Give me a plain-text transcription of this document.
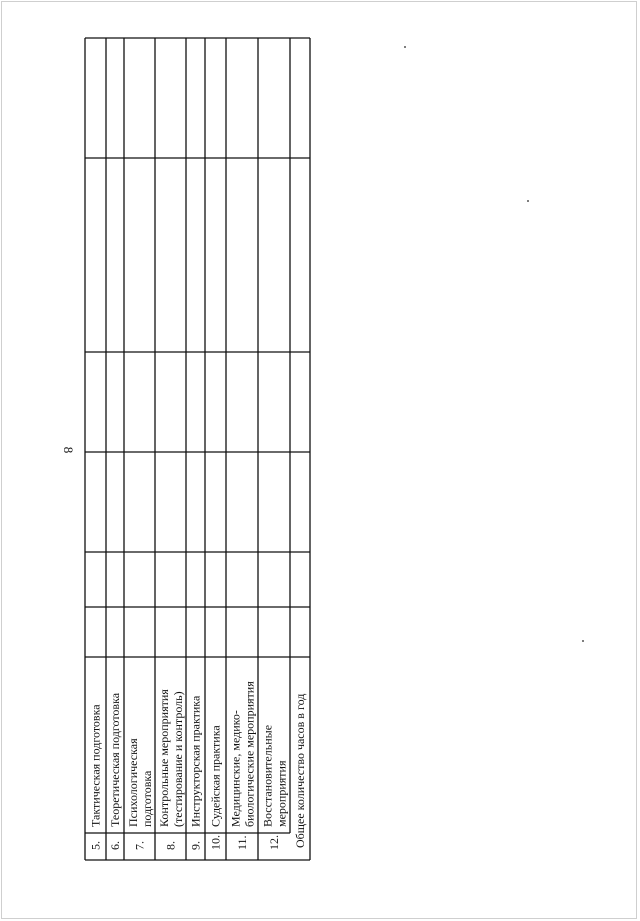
8
5.
Тактическая подготовка
6.
Теоретическая подготовка
7.
Психологическая подготовка
8.
Контрольные мероприятия (тестирование и контроль)
9.
Инструкторская практика
10.
Судейская практика
11.
Медицинские, медико- биологические мероприятия
12.
Восстановительные мероприятия Общее количество часов в год
